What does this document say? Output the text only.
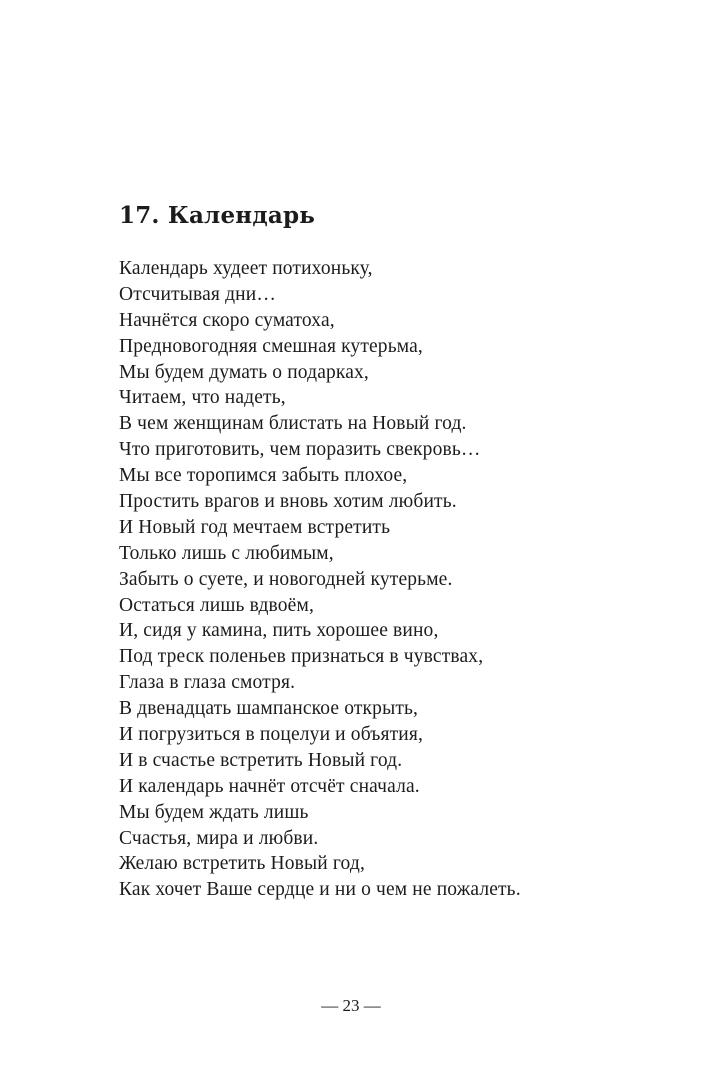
17. Календарь
Календарь худеет потихоньку,
Отсчитывая дни…
Начнётся скоро суматоха,
Предновогодняя смешная кутерьма,
Мы будем думать о подарках,
Читаем, что надеть,
В чем женщинам блистать на Новый год.
Что приготовить, чем поразить свекровь…
Мы все торопимся забыть плохое,
Простить врагов и вновь хотим любить.
И Новый год мечтаем встретить
Только лишь с любимым,
Забыть о суете, и новогодней кутерьме.
Остаться лишь вдвоём,
И, сидя у камина, пить хорошее вино,
Под треск поленьев признаться в чувствах,
Глаза в глаза смотря.
В двенадцать шампанское открыть,
И погрузиться в поцелуи и объятия,
И в счастье встретить Новый год.
И календарь начнёт отсчёт сначала.
Мы будем ждать лишь
Счастья, мира и любви.
Желаю встретить Новый год,
Как хочет Ваше сердце и ни о чем не пожалеть.
— 23 —
